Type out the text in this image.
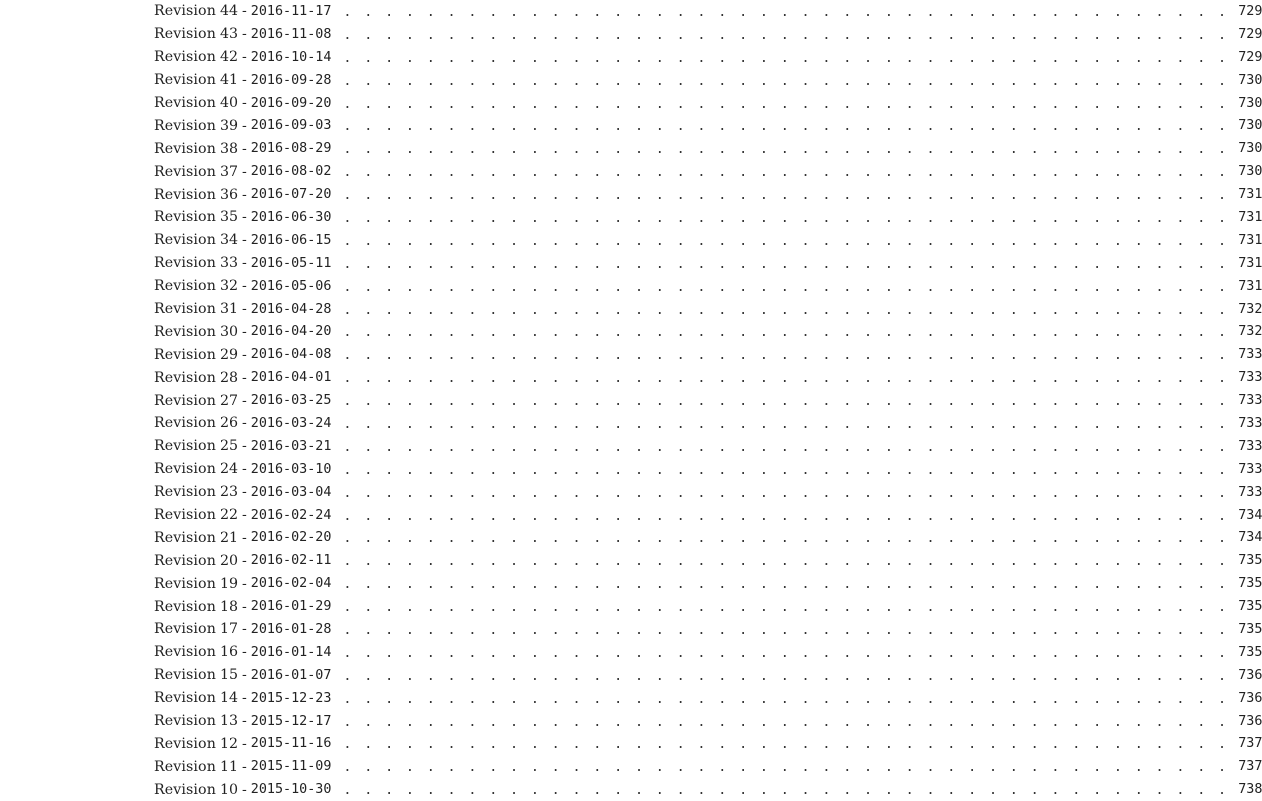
Revision 44 - 2016-11-17 . . . . . . . . . . . . . . . . . . . . . . . . . . . . . . . . . . . . . . . . . . . 729
Revision 43 - 2016-11-08 . . . . . . . . . . . . . . . . . . . . . . . . . . . . . . . . . . . . . . . . . . . 729
Revision 42 - 2016-10-14 . . . . . . . . . . . . . . . . . . . . . . . . . . . . . . . . . . . . . . . . . . . 729
Revision 41 - 2016-09-28 . . . . . . . . . . . . . . . . . . . . . . . . . . . . . . . . . . . . . . . . . . . 730
Revision 40 - 2016-09-20 . . . . . . . . . . . . . . . . . . . . . . . . . . . . . . . . . . . . . . . . . . . 730
Revision 39 - 2016-09-03 . . . . . . . . . . . . . . . . . . . . . . . . . . . . . . . . . . . . . . . . . . . 730
Revision 38 - 2016-08-29 . . . . . . . . . . . . . . . . . . . . . . . . . . . . . . . . . . . . . . . . . . . 730
Revision 37 - 2016-08-02 . . . . . . . . . . . . . . . . . . . . . . . . . . . . . . . . . . . . . . . . . . . 730
Revision 36 - 2016-07-20 . . . . . . . . . . . . . . . . . . . . . . . . . . . . . . . . . . . . . . . . . . . 731
Revision 35 - 2016-06-30 . . . . . . . . . . . . . . . . . . . . . . . . . . . . . . . . . . . . . . . . . . . 731
Revision 34 - 2016-06-15 . . . . . . . . . . . . . . . . . . . . . . . . . . . . . . . . . . . . . . . . . . . 731
Revision 33 - 2016-05-11 . . . . . . . . . . . . . . . . . . . . . . . . . . . . . . . . . . . . . . . . . . . 731
Revision 32 - 2016-05-06 . . . . . . . . . . . . . . . . . . . . . . . . . . . . . . . . . . . . . . . . . . . 731
Revision 31 - 2016-04-28 . . . . . . . . . . . . . . . . . . . . . . . . . . . . . . . . . . . . . . . . . . . 732
Revision 30 - 2016-04-20 . . . . . . . . . . . . . . . . . . . . . . . . . . . . . . . . . . . . . . . . . . . 732
Revision 29 - 2016-04-08 . . . . . . . . . . . . . . . . . . . . . . . . . . . . . . . . . . . . . . . . . . . 733
Revision 28 - 2016-04-01 . . . . . . . . . . . . . . . . . . . . . . . . . . . . . . . . . . . . . . . . . . . 733
Revision 27 - 2016-03-25 . . . . . . . . . . . . . . . . . . . . . . . . . . . . . . . . . . . . . . . . . . . 733
Revision 26 - 2016-03-24 . . . . . . . . . . . . . . . . . . . . . . . . . . . . . . . . . . . . . . . . . . . 733
Revision 25 - 2016-03-21 . . . . . . . . . . . . . . . . . . . . . . . . . . . . . . . . . . . . . . . . . . . 733
Revision 24 - 2016-03-10 . . . . . . . . . . . . . . . . . . . . . . . . . . . . . . . . . . . . . . . . . . . 733
Revision 23 - 2016-03-04 . . . . . . . . . . . . . . . . . . . . . . . . . . . . . . . . . . . . . . . . . . . 733
Revision 22 - 2016-02-24 . . . . . . . . . . . . . . . . . . . . . . . . . . . . . . . . . . . . . . . . . . . 734
Revision 21 - 2016-02-20 . . . . . . . . . . . . . . . . . . . . . . . . . . . . . . . . . . . . . . . . . . . 734
Revision 20 - 2016-02-11 . . . . . . . . . . . . . . . . . . . . . . . . . . . . . . . . . . . . . . . . . . . 735
Revision 19 - 2016-02-04 . . . . . . . . . . . . . . . . . . . . . . . . . . . . . . . . . . . . . . . . . . . 735
Revision 18 - 2016-01-29 . . . . . . . . . . . . . . . . . . . . . . . . . . . . . . . . . . . . . . . . . . . 735
Revision 17 - 2016-01-28 . . . . . . . . . . . . . . . . . . . . . . . . . . . . . . . . . . . . . . . . . . . 735
Revision 16 - 2016-01-14 . . . . . . . . . . . . . . . . . . . . . . . . . . . . . . . . . . . . . . . . . . . 735
Revision 15 - 2016-01-07 . . . . . . . . . . . . . . . . . . . . . . . . . . . . . . . . . . . . . . . . . . . 736
Revision 14 - 2015-12-23 . . . . . . . . . . . . . . . . . . . . . . . . . . . . . . . . . . . . . . . . . . . 736
Revision 13 - 2015-12-17 . . . . . . . . . . . . . . . . . . . . . . . . . . . . . . . . . . . . . . . . . . . 736
Revision 12 - 2015-11-16 . . . . . . . . . . . . . . . . . . . . . . . . . . . . . . . . . . . . . . . . . . . 737
Revision 11 - 2015-11-09 . . . . . . . . . . . . . . . . . . . . . . . . . . . . . . . . . . . . . . . . . . . 737
Revision 10 - 2015-10-30 . . . . . . . . . . . . . . . . . . . . . . . . . . . . . . . . . . . . . . . . . . . 738
